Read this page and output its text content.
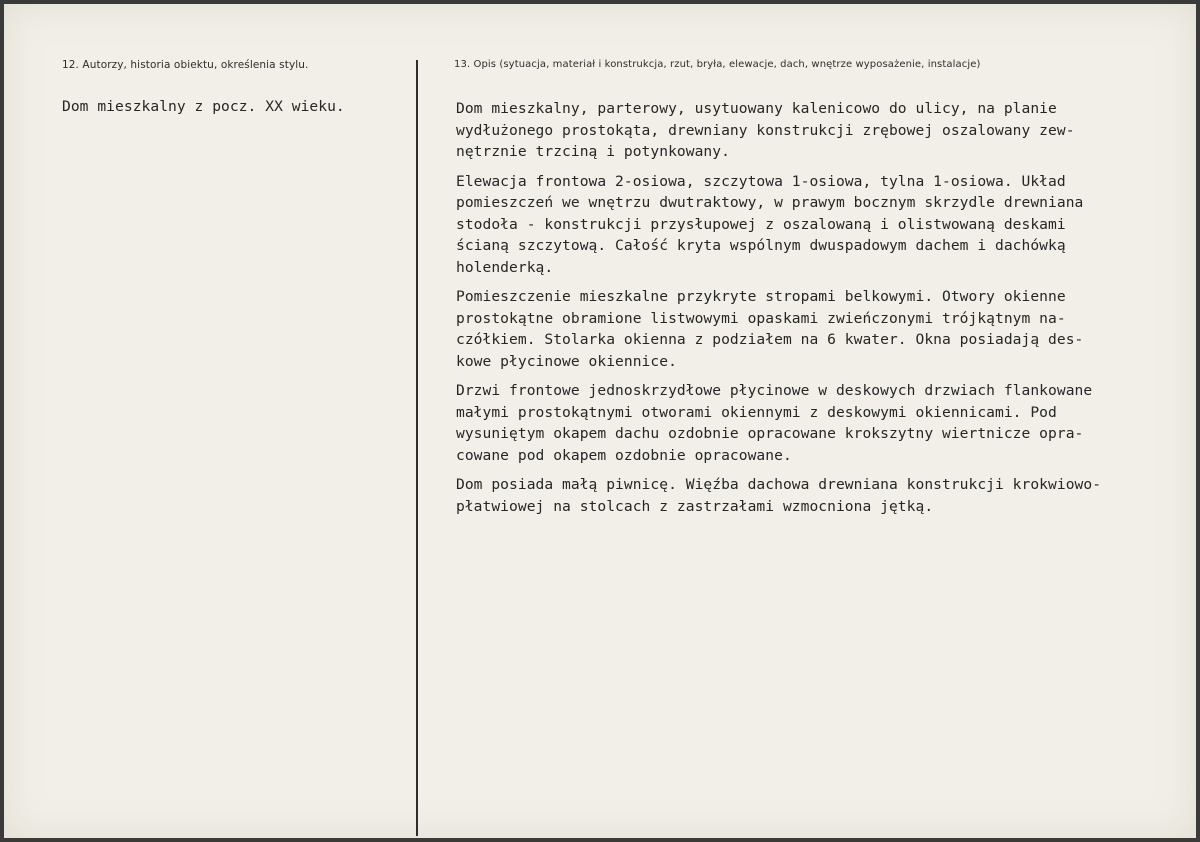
12. Autorzy, historia obiektu, określenia stylu.	13. Opis (sytuacja, materiał i konstrukcja, rzut, bryła, elewacje, dach, wnętrze wyposażenie, instalacje)
Dom mieszkalny z pocz. XX wieku.	Dom mieszkalny, parterowy, usytuowany kalenicowo do ulicy, na planie
wydłużonego prostokąta, drewniany konstrukcji zrębowej oszalowany zew-
nętrznie trzciną i potynkowany.
Elewacja frontowa 2-osiowa, szczytowa 1-osiowa, tylna 1-osiowa. Układ
pomieszczeń we wnętrzu dwutraktowy, w prawym bocznym skrzydle drewniana
stodoła - konstrukcji przysłupowej z oszalowaną i olistwowaną deskami
ścianą szczytową. Całość kryta wspólnym dwuspadowym dachem i dachówką
holenderką.
Pomieszczenie mieszkalne przykryte stropami belkowymi. Otwory okienne
prostokątne obramione listwowymi opaskami zwieńczonymi trójkątnym na-
czółkiem. Stolarka okienna z podziałem na 6 kwater. Okna posiadają des-
kowe płycinowe okiennice.
Drzwi frontowe jednoskrzydłowe płycinowe w deskowych drzwiach flankowane
małymi prostokątnymi otworami okiennymi z deskowymi okiennicami. Pod
wysuniętym okapem dachu ozdobnie opracowane krokszytny wiertnicze opra-
cowane pod okapem ozdobnie opracowane.
Dom posiada małą piwnicę. Więźba dachowa drewniana konstrukcji krokwiowo-
płatwiowej na stolcach z zastrzałami wzmocniona jętką.
